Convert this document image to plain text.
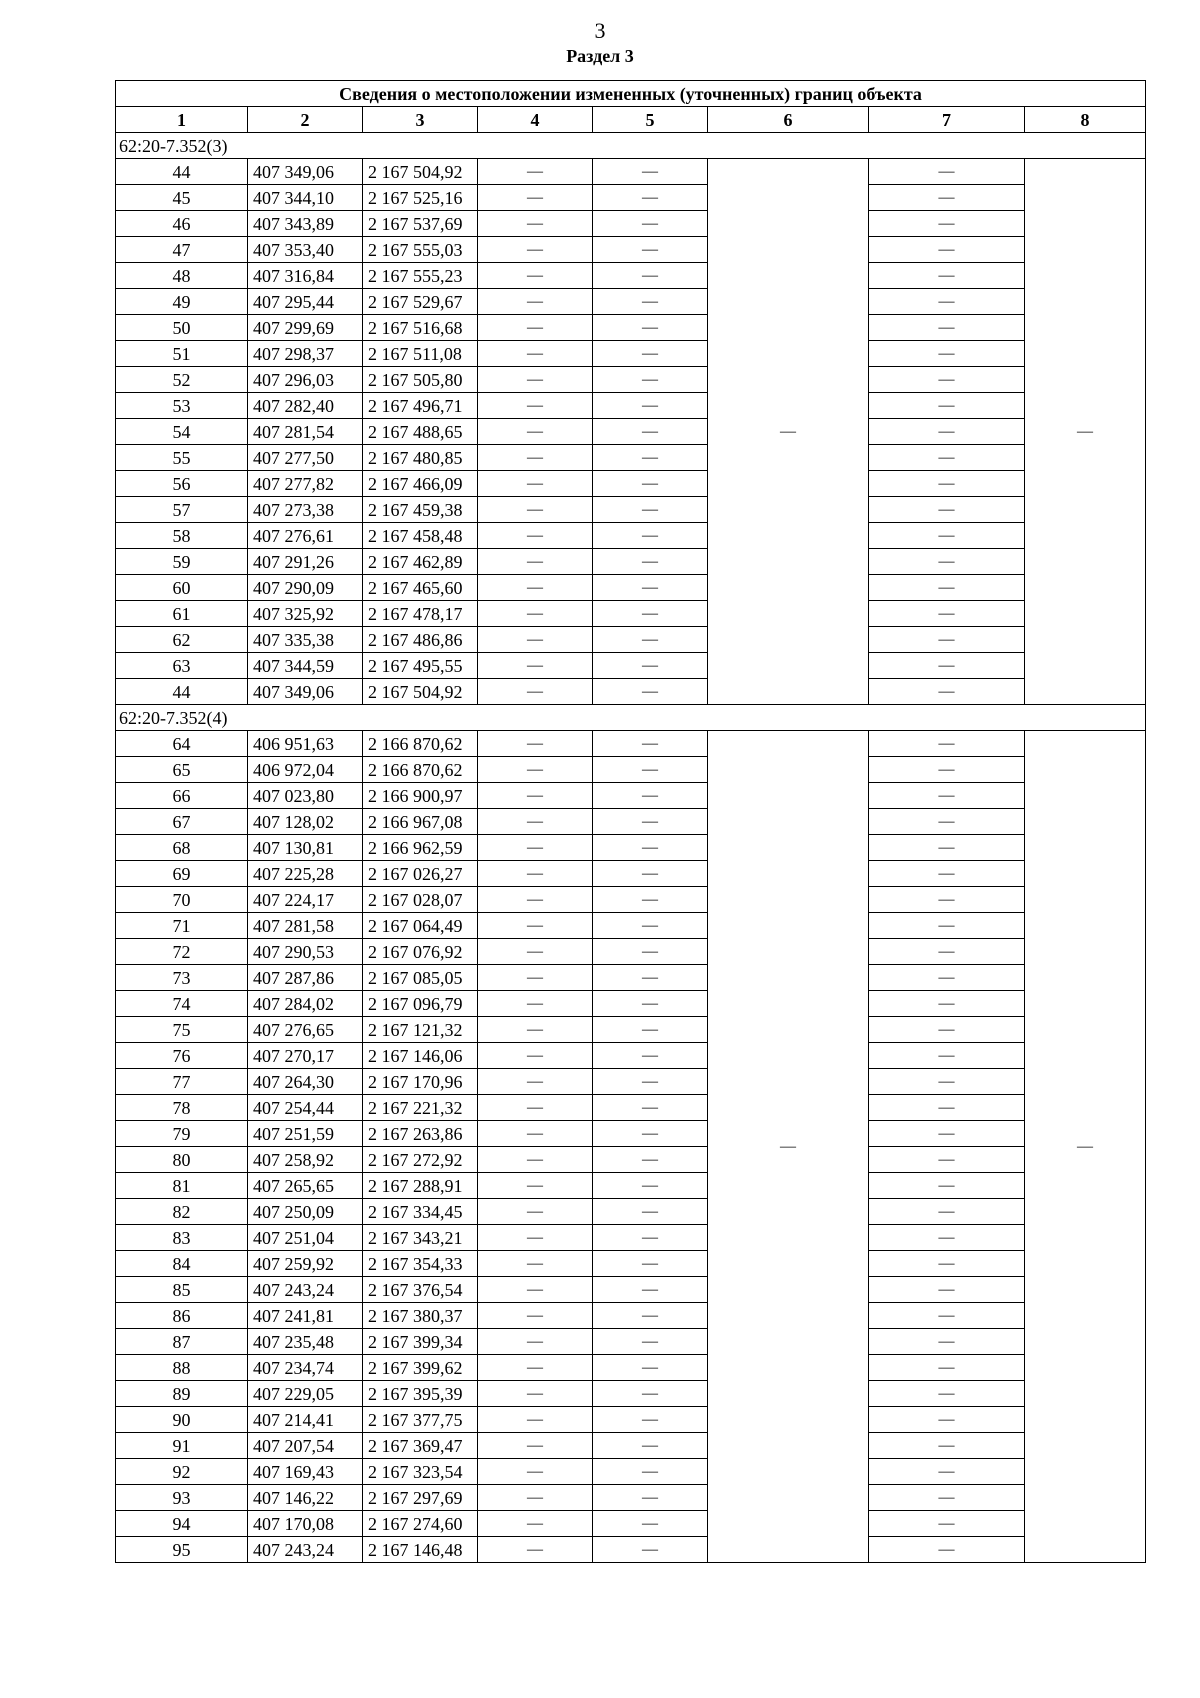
3
Раздел 3
Сведения о местоположении измененных (уточненных) границ объекта							
1	2	3	4	5	6	7	8
62:20-7.352(3)							
44	407 349,06	2 167 504,92	—	—	—	—	—
45	407 344,10	2 167 525,16	—	—		—	
46	407 343,89	2 167 537,69	—	—		—	
47	407 353,40	2 167 555,03	—	—		—	
48	407 316,84	2 167 555,23	—	—		—	
49	407 295,44	2 167 529,67	—	—		—	
50	407 299,69	2 167 516,68	—	—		—	
51	407 298,37	2 167 511,08	—	—		—	
52	407 296,03	2 167 505,80	—	—		—	
53	407 282,40	2 167 496,71	—	—		—	
54	407 281,54	2 167 488,65	—	—		—	
55	407 277,50	2 167 480,85	—	—		—	
56	407 277,82	2 167 466,09	—	—		—	
57	407 273,38	2 167 459,38	—	—		—	
58	407 276,61	2 167 458,48	—	—		—	
59	407 291,26	2 167 462,89	—	—		—	
60	407 290,09	2 167 465,60	—	—		—	
61	407 325,92	2 167 478,17	—	—		—	
62	407 335,38	2 167 486,86	—	—		—	
63	407 344,59	2 167 495,55	—	—		—	
44	407 349,06	2 167 504,92	—	—		—	
62:20-7.352(4)							
64	406 951,63	2 166 870,62	—	—	—	—	—
65	406 972,04	2 166 870,62	—	—		—	
66	407 023,80	2 166 900,97	—	—		—	
67	407 128,02	2 166 967,08	—	—		—	
68	407 130,81	2 166 962,59	—	—		—	
69	407 225,28	2 167 026,27	—	—		—	
70	407 224,17	2 167 028,07	—	—		—	
71	407 281,58	2 167 064,49	—	—		—	
72	407 290,53	2 167 076,92	—	—		—	
73	407 287,86	2 167 085,05	—	—		—	
74	407 284,02	2 167 096,79	—	—		—	
75	407 276,65	2 167 121,32	—	—		—	
76	407 270,17	2 167 146,06	—	—		—	
77	407 264,30	2 167 170,96	—	—		—	
78	407 254,44	2 167 221,32	—	—		—	
79	407 251,59	2 167 263,86	—	—		—	
80	407 258,92	2 167 272,92	—	—		—	
81	407 265,65	2 167 288,91	—	—		—	
82	407 250,09	2 167 334,45	—	—		—	
83	407 251,04	2 167 343,21	—	—		—	
84	407 259,92	2 167 354,33	—	—		—	
85	407 243,24	2 167 376,54	—	—		—	
86	407 241,81	2 167 380,37	—	—		—	
87	407 235,48	2 167 399,34	—	—		—	
88	407 234,74	2 167 399,62	—	—		—	
89	407 229,05	2 167 395,39	—	—		—	
90	407 214,41	2 167 377,75	—	—		—	
91	407 207,54	2 167 369,47	—	—		—	
92	407 169,43	2 167 323,54	—	—		—	
93	407 146,22	2 167 297,69	—	—		—	
94	407 170,08	2 167 274,60	—	—		—	
95	407 243,24	2 167 146,48	—	—		—	
